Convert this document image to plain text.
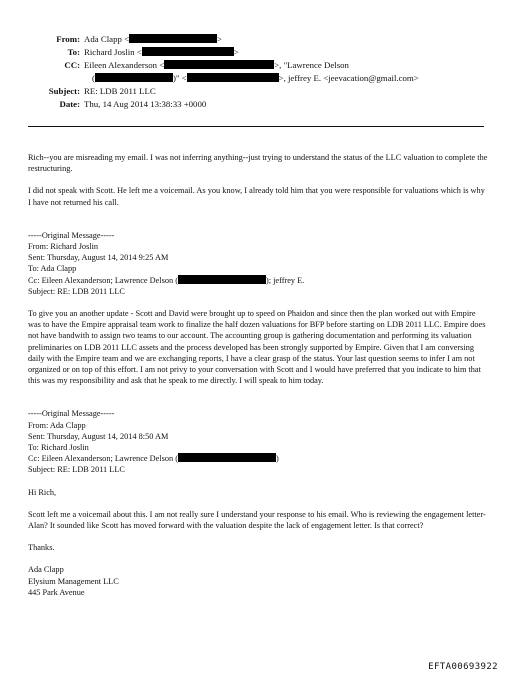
From: Ada Clapp <	>
To: Richard Joslin <	>
CC: Eileen Alexanderson <	>, "Lawrence Delson
(	)" <	>, jeffrey E. <jeevacation@gmail.com>
Subject: RE: LDB 2011 LLC
Date: Thu, 14 Aug 2014 13:38:33 +0000

Rich--you are misreading my email. I was not inferring anything--just trying to understand the status of the LLC valuation to complete the restructuring.

I did not speak with Scott. He left me a voicemail. As you know, I already told him that you were responsible for valuations which is why I have not returned his call.

-----Original Message-----
From: Richard Joslin
Sent: Thursday, August 14, 2014 9:25 AM
To: Ada Clapp
Cc: Eileen Alexanderson; Lawrence Delson (	); jeffrey E.
Subject: RE: LDB 2011 LLC

To give you an another update - Scott and David were brought up to speed on Phaidon and since then the plan worked out with Empire was to have the Empire appraisal team work to finalize the half dozen valuations for BFP before starting on LDB 2011 LLC. Empire does not have bandwith to assign two teams to our account. The accounting group is gathering documentation and performing its valuation preliminaries on LDB 2011 LLC assets and the process developed has been strongly supported by Empire. Given that I am conversing daily with the Empire team and we are exchanging reports, I have a clear grasp of the status. Your last question seems to infer I am not organized or on top of this effort. I am not privy to your conversation with Scott and I would have preferred that you indicate to him that this was my responsibility and ask that he speak to me directly. I will speak to him today.

-----Original Message-----
From: Ada Clapp
Sent: Thursday, August 14, 2014 8:50 AM
To: Richard Joslin
Cc: Eileen Alexanderson; Lawrence Delson (	)
Subject: RE: LDB 2011 LLC

Hi Rich,

Scott left me a voicemail about this. I am not really sure I understand your response to his email. Who is reviewing the engagement letter-Alan? It sounded like Scott has moved forward with the valuation despite the lack of engagement letter. Is that correct?

Thanks.

Ada Clapp
Elysium Management LLC
445 Park Avenue
EFTA00693922
